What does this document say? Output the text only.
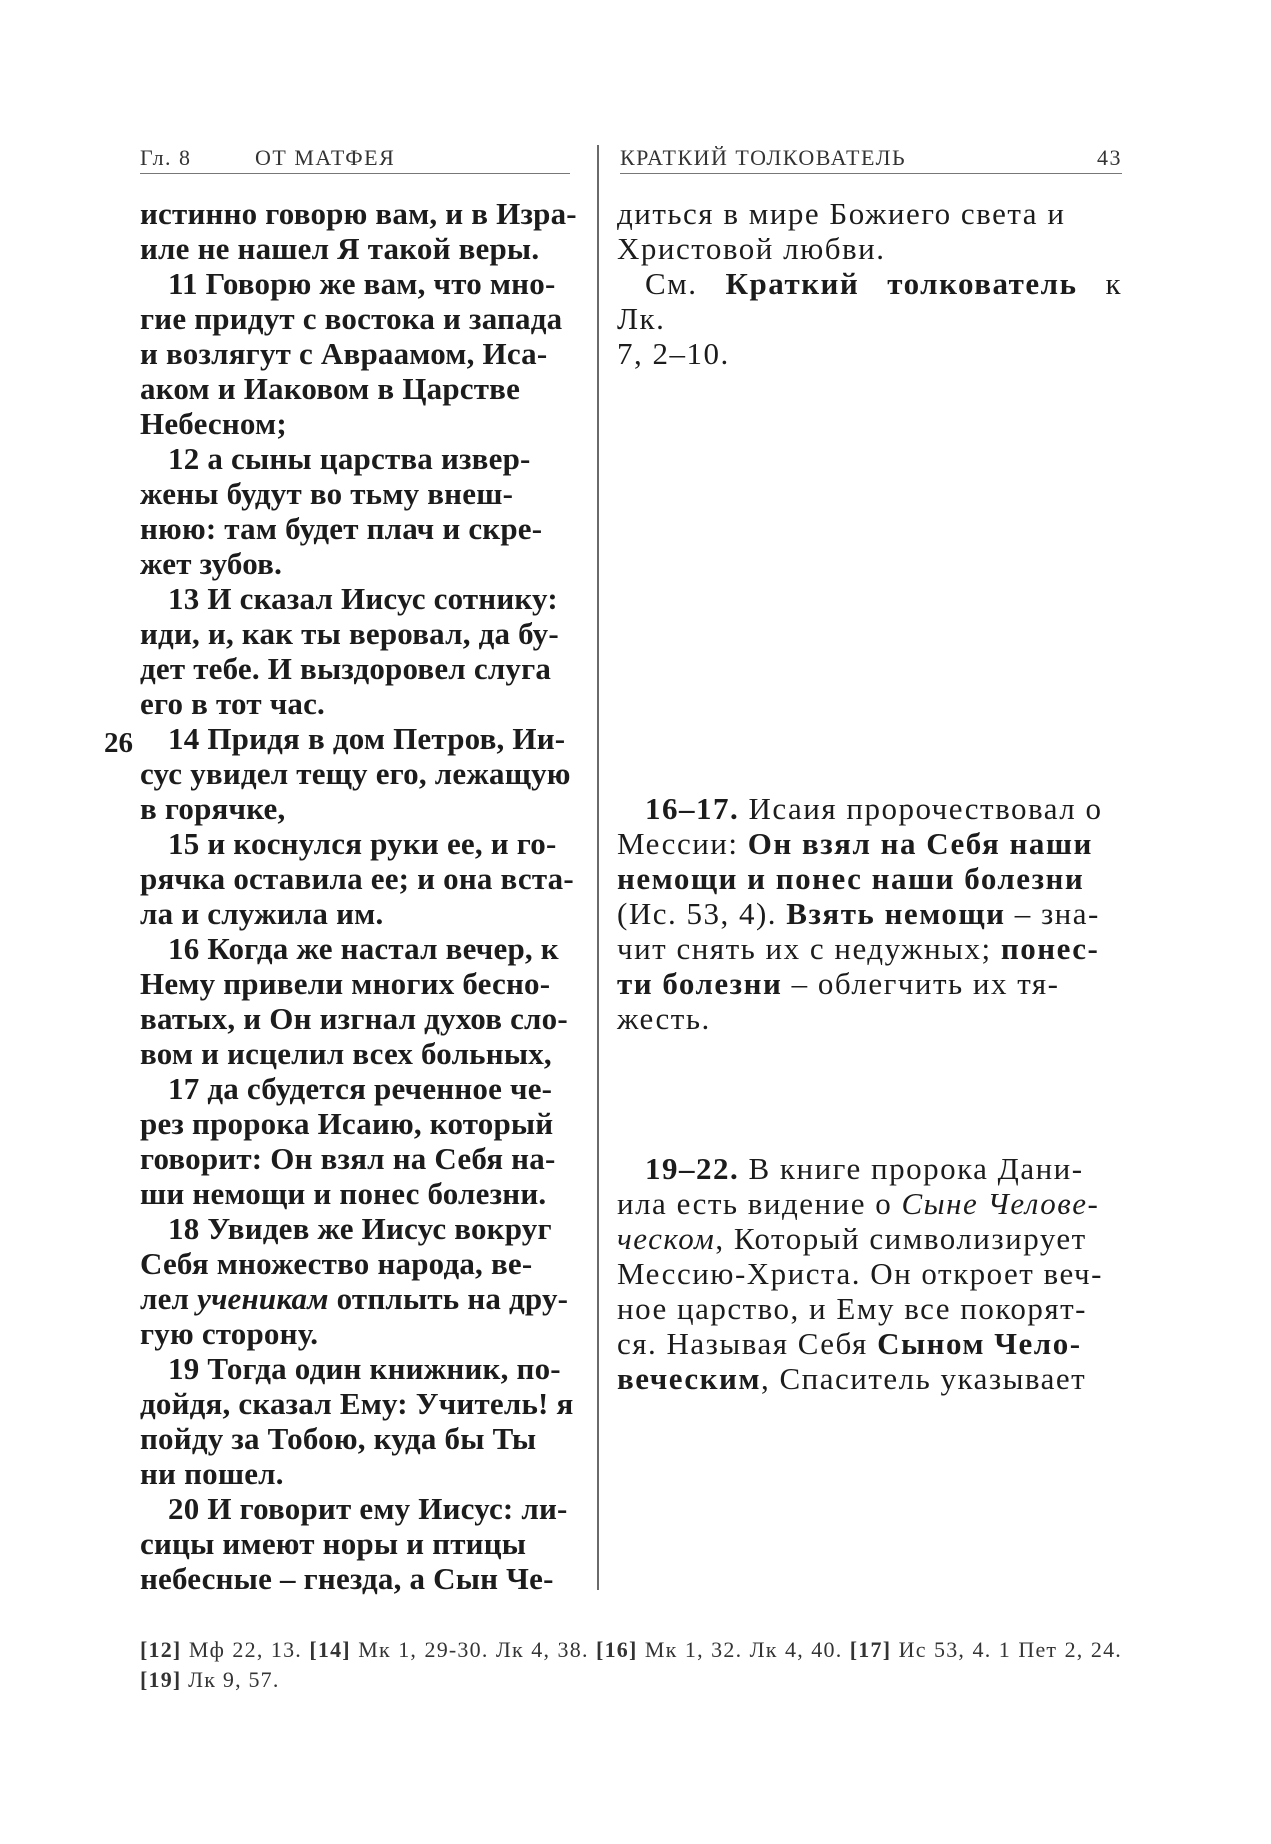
Гл. 8	ОТ МАТФЕЯ	КРАТКИЙ ТОЛКОВАТЕЛЬ	43
26

истинно говорю вам, и в Изра-

иле не нашел Я такой веры.

11 Говорю же вам, что мно-

гие придут с востока и запада

и возлягут с Авраамом, Иса-

аком и Иаковом в Царстве

Небесном;

12 а сыны царства извер-

жены будут во тьму внеш-

нюю: там будет плач и скре-

жет зубов.

13 И сказал Иисус сотнику:

иди, и, как ты веровал, да бу-

дет тебе. И выздоровел слуга

его в тот час.

14 Придя в дом Петров, Ии-

сус увидел тещу его, лежащую

в горячке,

15 и коснулся руки ее, и го-

рячка оставила ее; и она вста-

ла и служила им.

16 Когда же настал вечер, к

Нему привели многих бесно-

ватых, и Он изгнал духов сло-

вом и исцелил всех больных,

17 да сбудется реченное че-

рез пророка Исаию, который

говорит: Он взял на Себя на-

ши немощи и понес болезни.

18 Увидев же Иисус вокруг

Себя множество народа, ве-

лел ученикам отплыть на дру-

гую сторону.

19 Тогда один книжник, по-

дойдя, сказал Ему: Учитель! я

пойду за Тобою, куда бы Ты

ни пошел.

20 И говорит ему Иисус: ли-

сицы имеют норы и птицы

небесные – гнезда, а Сын Че-

диться в мире Божиего света и

Христовой любви.

См. Краткий толкователь к Лк.

7, 2–10.

16–17. Исаия пророчествовал о

Мессии: Он взял на Себя наши

немощи и понес наши болезни

(Ис. 53, 4). Взять немощи – зна-

чит снять их с недужных; понес-

ти болезни – облегчить их тя-

жесть.

19–22. В книге пророка Дани-

ила есть видение о Сыне Человe-

ческом, Который символизирует

Мессию-Христа. Он откроет веч-

ное царство, и Ему все покорят-

ся. Называя Себя Сыном Чело-

веческим, Спаситель указывает

[12] Мф 22, 13. [14] Мк 1, 29-30. Лк 4, 38. [16] Мк 1, 32. Лк 4, 40. [17] Ис 53, 4. 1 Пет 2, 24. [19] Лк 9, 57.
